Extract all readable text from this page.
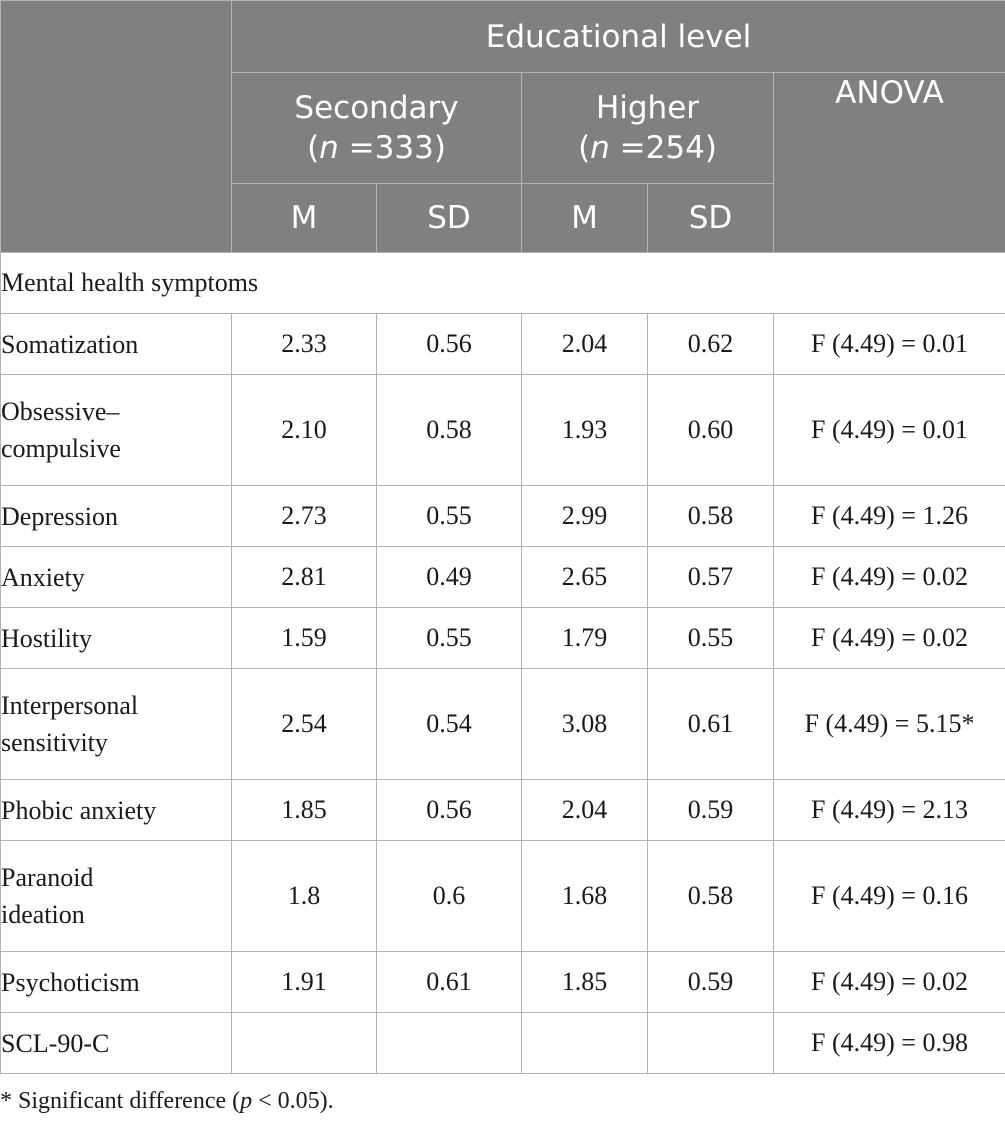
	Educational level				
	Secondary
(n =333)		Higher
(n =254)		ANOVA
	M	SD	M	SD	
Mental health symptoms					
Somatization	2.33	0.56	2.04	0.62	F (4.49) = 0.01
Obsessive–
compulsive	2.10	0.58	1.93	0.60	F (4.49) = 0.01
Depression	2.73	0.55	2.99	0.58	F (4.49) = 1.26
Anxiety	2.81	0.49	2.65	0.57	F (4.49) = 0.02
Hostility	1.59	0.55	1.79	0.55	F (4.49) = 0.02
Interpersonal
sensitivity	2.54	0.54	3.08	0.61	F (4.49) = 5.15*
Phobic anxiety	1.85	0.56	2.04	0.59	F (4.49) = 2.13
Paranoid
ideation	1.8	0.6	1.68	0.58	F (4.49) = 0.16
Psychoticism	1.91	0.61	1.85	0.59	F (4.49) = 0.02
SCL-90-C					F (4.49) = 0.98
* Significant difference (p < 0.05).
